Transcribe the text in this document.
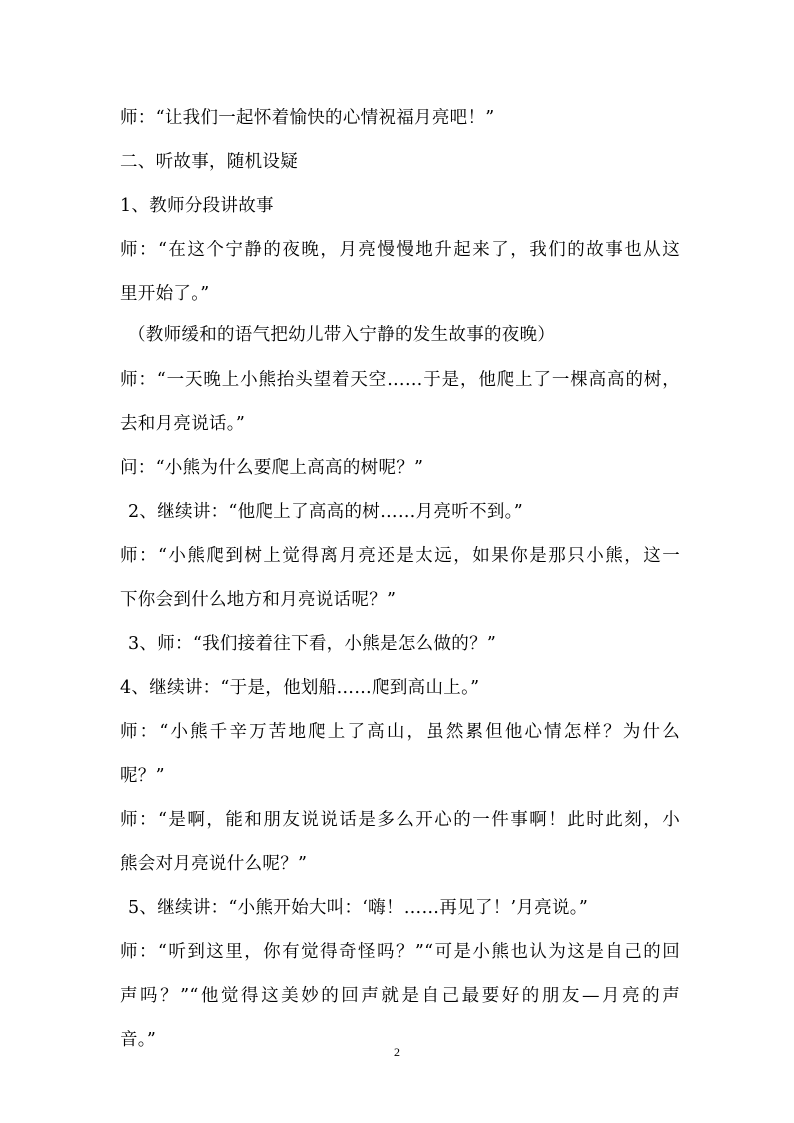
师：“让我们一起怀着愉快的心情祝福月亮吧！”
二、听故事，随机设疑
1、教师分段讲故事
师：“在这个宁静的夜晚，月亮慢慢地升起来了，我们的故事也从这
里开始了。”
（教师缓和的语气把幼儿带入宁静的发生故事的夜晚）
师：“一天晚上小熊抬头望着天空……于是，他爬上了一棵高高的树，
去和月亮说话。”
问：“小熊为什么要爬上高高的树呢？”
2、继续讲：“他爬上了高高的树……月亮听不到。”
师：“小熊爬到树上觉得离月亮还是太远，如果你是那只小熊，这一
下你会到什么地方和月亮说话呢？”
3、师：“我们接着往下看，小熊是怎么做的？”
4、继续讲：“于是，他划船……爬到高山上。”
师：“小熊千辛万苦地爬上了高山，虽然累但他心情怎样？为什么
呢？”
师：“是啊，能和朋友说说话是多么开心的一件事啊！此时此刻，小
熊会对月亮说什么呢？”
5、继续讲：“小熊开始大叫：‘嗨！……再见了！’月亮说。”
师：“听到这里，你有觉得奇怪吗？”“可是小熊也认为这是自己的回
声吗？”“他觉得这美妙的回声就是自己最要好的朋友—月亮的声
音。”
2
